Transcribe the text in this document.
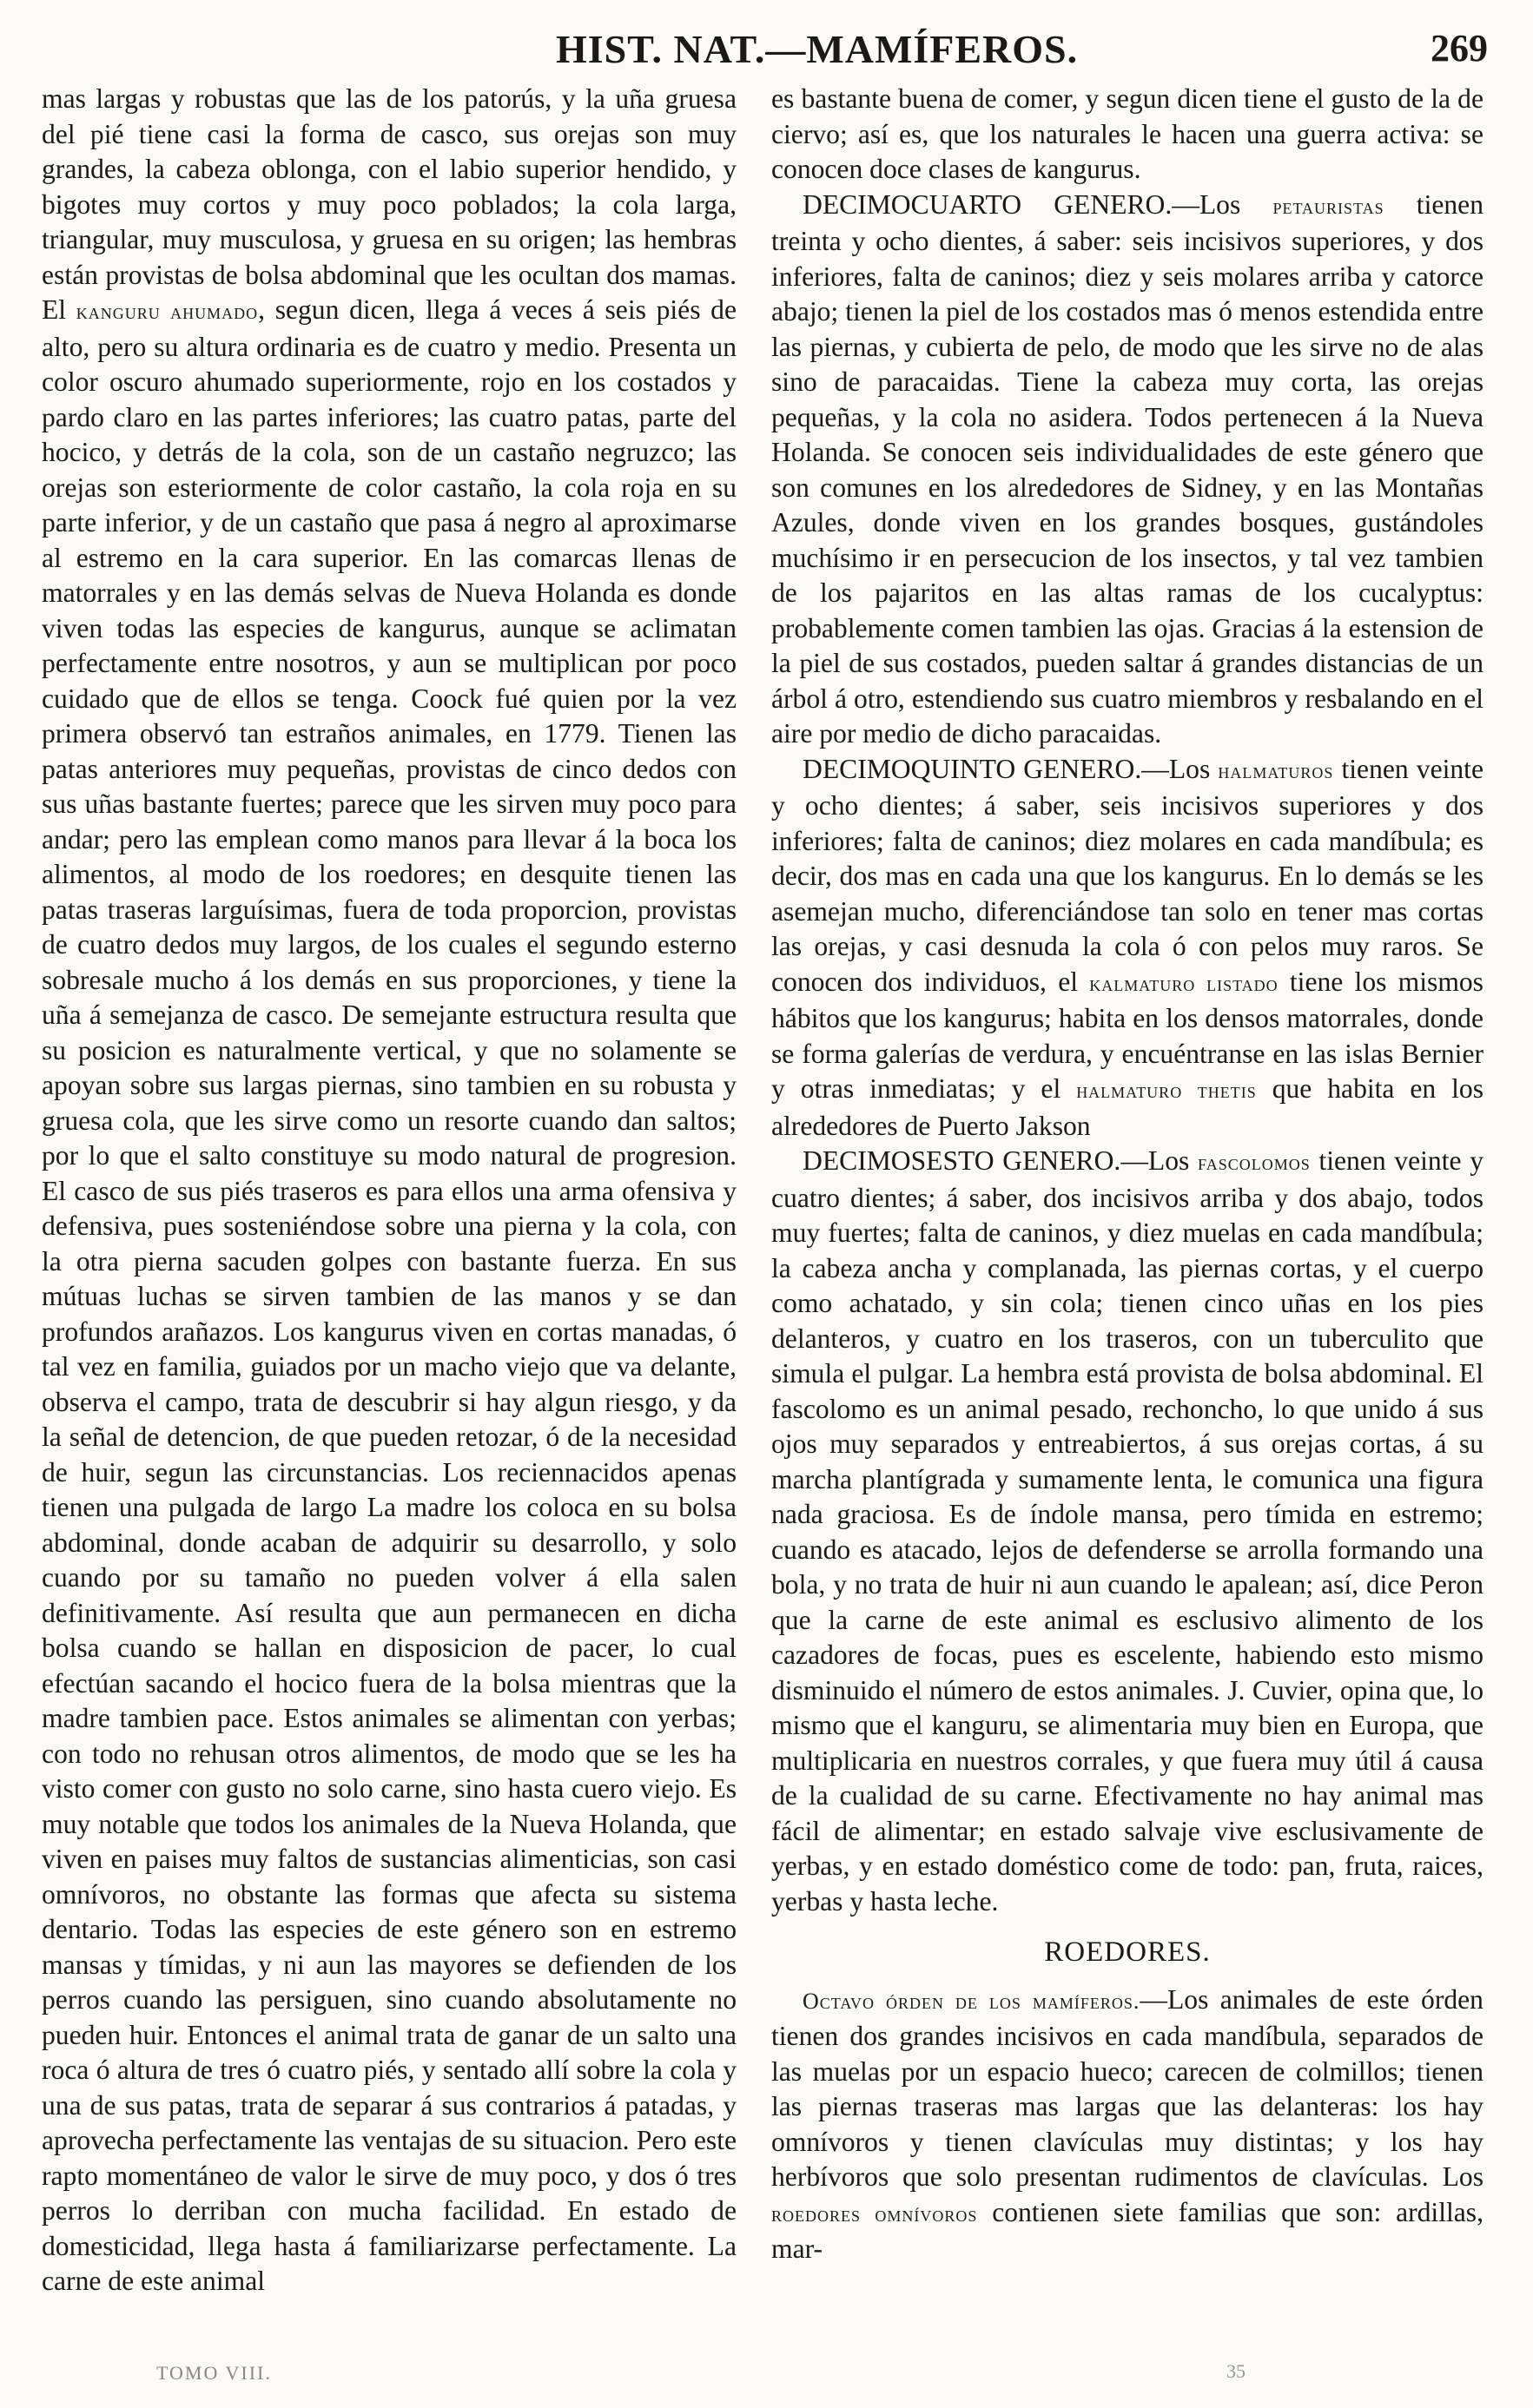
HIST. NAT.—MAMÍFEROS.	269

mas largas y robustas que las de los patorús, y la uña gruesa del pié tiene casi la forma de casco, sus orejas son muy grandes, la cabeza oblonga, con el labio superior hendido, y bigotes muy cortos y muy poco poblados; la cola larga, triangular, muy musculosa, y gruesa en su origen; las hembras están provistas de bolsa abdominal que les ocultan dos mamas. El kanguru ahumado, segun dicen, llega á veces á seis piés de alto, pero su altura ordinaria es de cuatro y medio. Presenta un color oscuro ahumado superiormente, rojo en los costados y pardo claro en las partes inferiores; las cuatro patas, parte del hocico, y detrás de la cola, son de un castaño negruzco; las orejas son esteriormente de color castaño, la cola roja en su parte inferior, y de un castaño que pasa á negro al aproximarse al estremo en la cara superior. En las comarcas llenas de matorrales y en las demás selvas de Nueva Holanda es donde viven todas las especies de kangurus, aunque se aclimatan perfectamente entre nosotros, y aun se multiplican por poco cuidado que de ellos se tenga. Coock fué quien por la vez primera observó tan estraños animales, en 1779. Tienen las patas anteriores muy pequeñas, provistas de cinco dedos con sus uñas bastante fuertes; parece que les sirven muy poco para andar; pero las emplean como manos para llevar á la boca los alimentos, al modo de los roedores; en desquite tienen las patas traseras larguísimas, fuera de toda proporcion, provistas de cuatro dedos muy largos, de los cuales el segundo esterno sobresale mucho á los demás en sus proporciones, y tiene la uña á semejanza de casco. De semejante estructura resulta que su posicion es naturalmente vertical, y que no solamente se apoyan sobre sus largas piernas, sino tambien en su robusta y gruesa cola, que les sirve como un resorte cuando dan saltos; por lo que el salto constituye su modo natural de progresion. El casco de sus piés traseros es para ellos una arma ofensiva y defensiva, pues sosteniéndose sobre una pierna y la cola, con la otra pierna sacuden golpes con bastante fuerza. En sus mútuas luchas se sirven tambien de las manos y se dan profundos arañazos. Los kangurus viven en cortas manadas, ó tal vez en familia, guiados por un macho viejo que va delante, observa el campo, trata de descubrir si hay algun riesgo, y da la señal de detencion, de que pueden retozar, ó de la necesidad de huir, segun las circunstancias. Los reciennacidos apenas tienen una pulgada de largo La madre los coloca en su bolsa abdominal, donde acaban de adquirir su desarrollo, y solo cuando por su tamaño no pueden volver á ella salen definitivamente. Así resulta que aun permanecen en dicha bolsa cuando se hallan en disposicion de pacer, lo cual efectúan sacando el hocico fuera de la bolsa mientras que la madre tambien pace. Estos animales se alimentan con yerbas; con todo no rehusan otros alimentos, de modo que se les ha visto comer con gusto no solo carne, sino hasta cuero viejo. Es muy notable que todos los animales de la Nueva Holanda, que viven en paises muy faltos de sustancias alimenticias, son casi omnívoros, no obstante las formas que afecta su sistema dentario. Todas las especies de este género son en estremo mansas y tímidas, y ni aun las mayores se defienden de los perros cuando las persiguen, sino cuando absolutamente no pueden huir. Entonces el animal trata de ganar de un salto una roca ó altura de tres ó cuatro piés, y sentado allí sobre la cola y una de sus patas, trata de separar á sus contrarios á patadas, y aprovecha perfectamente las ventajas de su situacion. Pero este rapto momentáneo de valor le sirve de muy poco, y dos ó tres perros lo derriban con mucha facilidad. En estado de domesticidad, llega hasta á familiarizarse perfectamente. La carne de este animal

es bastante buena de comer, y segun dicen tiene el gusto de la de ciervo; así es, que los naturales le hacen una guerra activa: se conocen doce clases de kangurus.

DECIMOCUARTO GENERO.—Los petauristas tienen treinta y ocho dientes, á saber: seis incisivos superiores, y dos inferiores, falta de caninos; diez y seis molares arriba y catorce abajo; tienen la piel de los costados mas ó menos estendida entre las piernas, y cubierta de pelo, de modo que les sirve no de alas sino de paracaidas. Tiene la cabeza muy corta, las orejas pequeñas, y la cola no asidera. Todos pertenecen á la Nueva Holanda. Se conocen seis individualidades de este género que son comunes en los alrededores de Sidney, y en las Montañas Azules, donde viven en los grandes bosques, gustándoles muchísimo ir en persecucion de los insectos, y tal vez tambien de los pajaritos en las altas ramas de los cucalyptus: probablemente comen tambien las ojas. Gracias á la estension de la piel de sus costados, pueden saltar á grandes distancias de un árbol á otro, estendiendo sus cuatro miembros y resbalando en el aire por medio de dicho paracaidas.

DECIMOQUINTO GENERO.—Los halmaturos tienen veinte y ocho dientes; á saber, seis incisivos superiores y dos inferiores; falta de caninos; diez molares en cada mandíbula; es decir, dos mas en cada una que los kangurus. En lo demás se les asemejan mucho, diferenciándose tan solo en tener mas cortas las orejas, y casi desnuda la cola ó con pelos muy raros. Se conocen dos individuos, el kalmaturo listado tiene los mismos hábitos que los kangurus; habita en los densos matorrales, donde se forma galerías de verdura, y encuéntranse en las islas Bernier y otras inmediatas; y el halmaturo thetis que habita en los alrededores de Puerto Jakson

DECIMOSESTO GENERO.—Los fascolomos tienen veinte y cuatro dientes; á saber, dos incisivos arriba y dos abajo, todos muy fuertes; falta de caninos, y diez muelas en cada mandíbula; la cabeza ancha y complanada, las piernas cortas, y el cuerpo como achatado, y sin cola; tienen cinco uñas en los pies delanteros, y cuatro en los traseros, con un tuberculito que simula el pulgar. La hembra está provista de bolsa abdominal. El fascolomo es un animal pesado, rechoncho, lo que unido á sus ojos muy separados y entreabiertos, á sus orejas cortas, á su marcha plantígrada y sumamente lenta, le comunica una figura nada graciosa. Es de índole mansa, pero tímida en estremo; cuando es atacado, lejos de defenderse se arrolla formando una bola, y no trata de huir ni aun cuando le apalean; así, dice Peron que la carne de este animal es esclusivo alimento de los cazadores de focas, pues es escelente, habiendo esto mismo disminuido el número de estos animales. J. Cuvier, opina que, lo mismo que el kanguru, se alimentaria muy bien en Europa, que multiplicaria en nuestros corrales, y que fuera muy útil á causa de la cualidad de su carne. Efectivamente no hay animal mas fácil de alimentar; en estado salvaje vive esclusivamente de yerbas, y en estado doméstico come de todo: pan, fruta, raices, yerbas y hasta leche.

ROEDORES.

Octavo órden de los mamíferos.—Los animales de este órden tienen dos grandes incisivos en cada mandíbula, separados de las muelas por un espacio hueco; carecen de colmillos; tienen las piernas traseras mas largas que las delanteras: los hay omnívoros y tienen clavículas muy distintas; y los hay herbívoros que solo presentan rudimentos de clavículas. Los roedores omnívoros contienen siete familias que son: ardillas, mar-

TOMO VIII.	35
